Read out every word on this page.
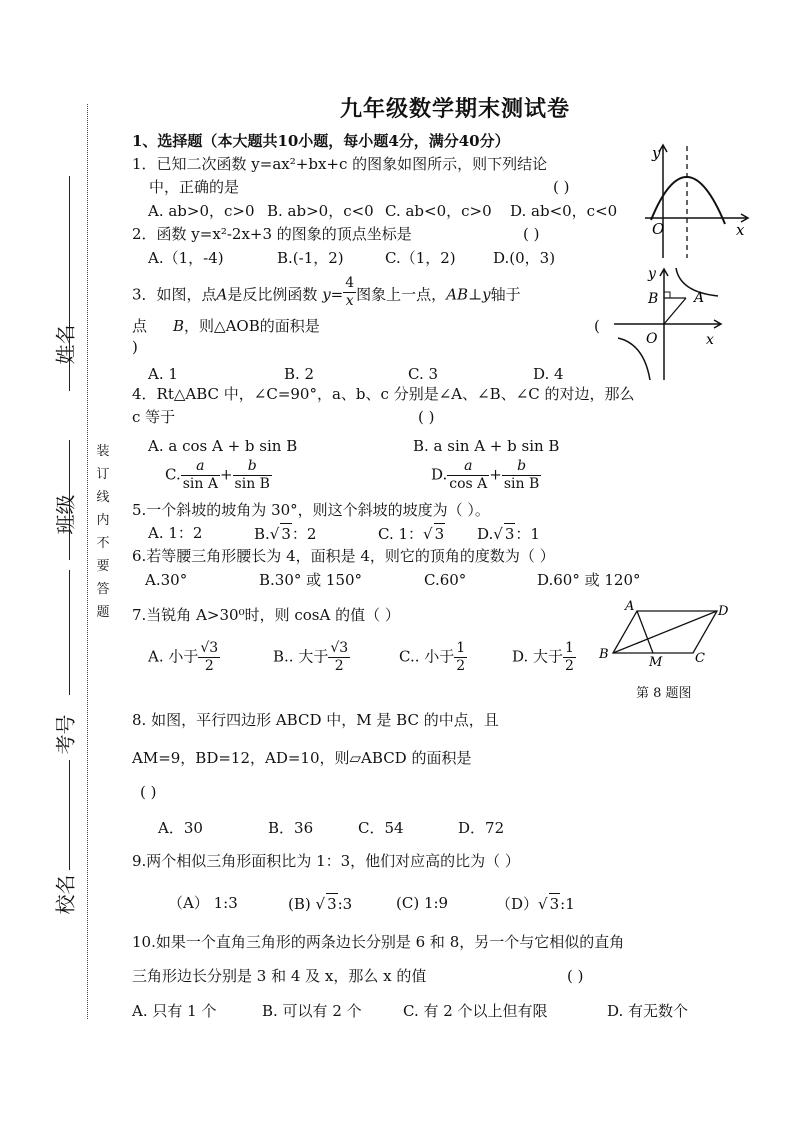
九年级数学期末测试卷
姓名
班级
考号
校名
装订线内不要答题
1、选择题（本大题共10小题，每小题4分，满分40分）
1．已知二次函数 y=ax²+bx+c 的图象如图所示，则下列结论
中，正确的是	( )
A. ab>0，c>0 B. ab>0，c<0 C. ab<0，c>0 D. ab<0，c<0
y
O	x
2．函数 y=x²-2x+3 的图象的顶点坐标是	( )
A.（1，-4)	B.(-1，2)	C.（1，2) D.(0，3)
3．如图，点A是反比例函数 $y= \frac{4}{x}$ 图象上一点，AB⊥y轴于
点 B，则△AOB的面积是	(
)
A. 1	B. 2	C. 3	D. 4
y
B	A
O	x
4．Rt△ABC 中，∠C=90°，a、b、c 分别是∠A、∠B、∠C 的对边，那么
c 等于	( )
A. a cos A + b sin B	B. a sin A + b sin B
C. $\frac{a}{\text{sin A}} + \frac{b}{\text{sin B}}$	D. $\frac{a}{\text{cos A}} + \frac{b}{\text{sin B}}$
5.一个斜坡的坡角为 30°，则这个斜坡的坡度为（ ）。
A. 1：2	B.√ 3：2	C. 1：√ 3 D.√ 3：1
6.若等腰三角形腰长为 4，面积是 4，则它的顶角的度数为（ ）
A.30°	B.30° 或 150°	C.60°	D.60° 或 120°
7.当锐角 A>30⁰时，则 cosA 的值（ ）
A. 小于 $\frac{√3}{2}$	B.. 大于 $\frac{√3}{2}$	C.. 小于 $\frac{1}{2}$	D. 大于 $\frac{1}{2}$
A	D
B
M	C
第 8 题图
8. 如图，平行四边形 ABCD 中，M 是 BC 的中点，且
AM=9，BD=12，AD=10，则▱ABCD 的面积是
( )
A．30	B．36	C．54	D．72
9.两个相似三角形面积比为 1：3，他们对应高的比为（ ）
（A） 1:3	(B) √ 3:3	(C) 1:9	（D）√ 3:1
10.如果一个直角三角形的两条边长分别是 6 和 8，另一个与它相似的直角
三角形边长分别是 3 和 4 及 x，那么 x 的值	( )
A. 只有 1 个	B. 可以有 2 个	C. 有 2 个以上但有限	D. 有无数个
